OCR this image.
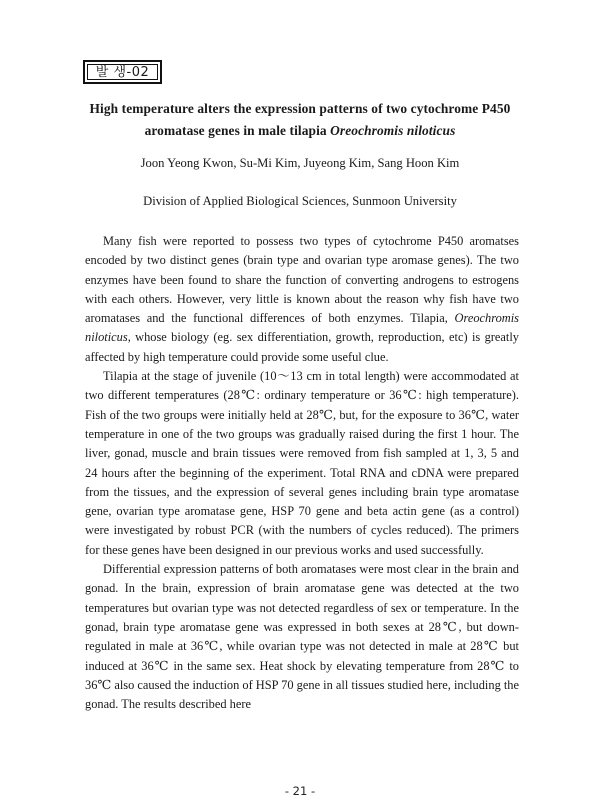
발 생-02
High temperature alters the expression patterns of two cytochrome P450
aromatase genes in male tilapia Oreochromis niloticus
Joon Yeong Kwon, Su-Mi Kim, Juyeong Kim, Sang Hoon Kim
Division of Applied Biological Sciences, Sunmoon University

Many fish were reported to possess two types of cytochrome P450 aromatses encoded by two distinct genes (brain type and ovarian type aromase genes). The two enzymes have been found to share the function of converting androgens to estrogens with each others. However, very little is known about the reason why fish have two aromatases and the functional differences of both enzymes. Tilapia, Oreochromis niloticus, whose biology (eg. sex differentiation, growth, reproduction, etc) is greatly affected by high temperature could provide some useful clue.

Tilapia at the stage of juvenile (10～13 cm in total length) were accommodated at two different temperatures (28℃: ordinary temperature or 36℃: high temperature). Fish of the two groups were initially held at 28℃, but, for the exposure to 36℃, water temperature in one of the two groups was gradually raised during the first 1 hour. The liver, gonad, muscle and brain tissues were removed from fish sampled at 1, 3, 5 and 24 hours after the beginning of the experiment. Total RNA and cDNA were prepared from the tissues, and the expression of several genes including brain type aromatase gene, ovarian type aromatase gene, HSP 70 gene and beta actin gene (as a control) were investigated by robust PCR (with the numbers of cycles reduced). The primers for these genes have been designed in our previous works and used successfully.

Differential expression patterns of both aromatases were most clear in the brain and gonad. In the brain, expression of brain aromatase gene was detected at the two temperatures but ovarian type was not detected regardless of sex or temperature. In the gonad, brain type aromatase gene was expressed in both sexes at 28℃, but down-regulated in male at 36℃, while ovarian type was not detected in male at 28℃ but induced at 36℃ in the same sex. Heat shock by elevating temperature from 28℃ to 36℃ also caused the induction of HSP 70 gene in all tissues studied here, including the gonad. The results described here

- 21 -
